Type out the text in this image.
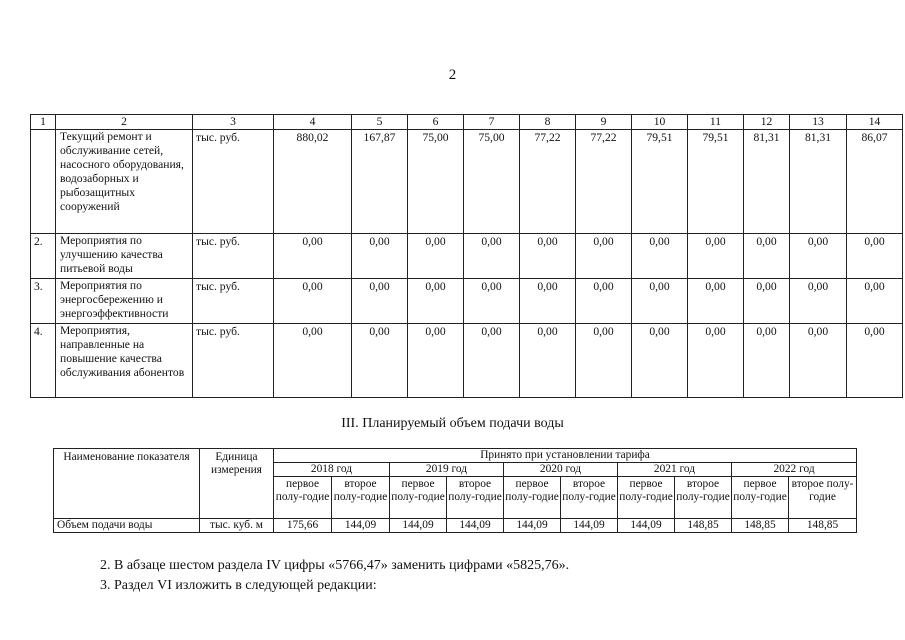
2
1	2	3	4	5	6	7	8	9	10	11	12	13	14
	Текущий ремонт и обслуживание сетей, насосного оборудования, водозаборных и рыбозащитных сооружений	тыс. руб.	880,02	167,87	75,00	75,00	77,22	77,22	79,51	79,51	81,31	81,31	86,07
2.	Мероприятия по улучшению качества питьевой воды	тыс. руб.	0,00	0,00	0,00	0,00	0,00	0,00	0,00	0,00	0,00	0,00	0,00
3.	Мероприятия по энергосбережению и энергоэффективности	тыс. руб.	0,00	0,00	0,00	0,00	0,00	0,00	0,00	0,00	0,00	0,00	0,00
4.	Мероприятия, направленные на повышение качества обслуживания абонентов	тыс. руб.	0,00	0,00	0,00	0,00	0,00	0,00	0,00	0,00	0,00	0,00	0,00
III. Планируемый объем подачи воды
Наименование показателя	Единица измерения	Принято при установлении тарифа									
		2018 год		2019 год		2020 год		2021 год		2022 год	
		первое полу-годие	второе полу-годие	первое полу-годие	второе полу-годие	первое полу-годие	второе полу-годие	первое полу-годие	второе полу-годие	первое полу-годие	второе полу-годие
Объем подачи воды	тыс. куб. м	175,66	144,09	144,09	144,09	144,09	144,09	144,09	148,85	148,85	148,85
2. В абзаце шестом раздела IV цифры «5766,47» заменить цифрами «5825,76».
3. Раздел VI изложить в следующей редакции:
